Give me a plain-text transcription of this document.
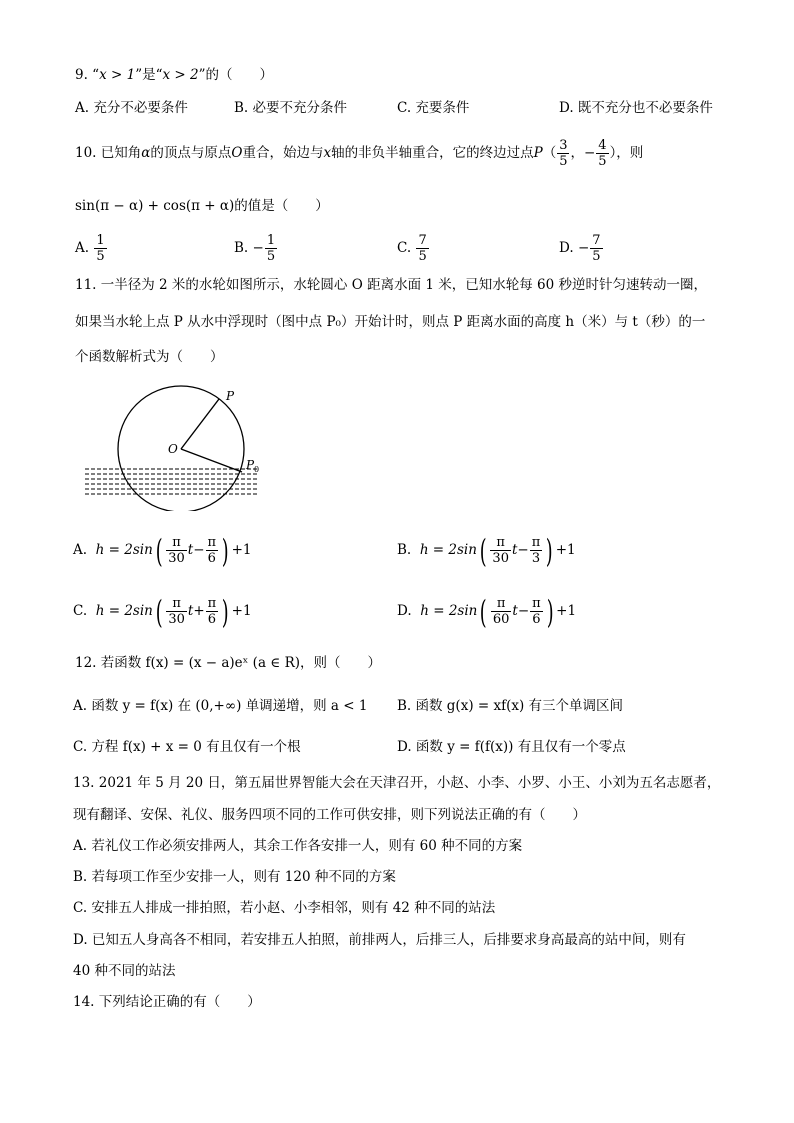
9. “x > 1”是“x > 2”的（　　）
A. 充分不必要条件	B. 必要不充分条件	C. 充要条件	D. 既不充分也不必要条件
10. 已知角α的顶点与原点O重合，始边与x轴的非负半轴重合，它的终边过点$P( \frac{3}{5}$ ，− $\frac{4}{5}$ ），则
sin(π − α) + cos(π + α)的值是（　　）
A. $\frac{1}{5}$	B. − $\frac{1}{5}$	C. $\frac{7}{5}$	D. − $\frac{7}{5}$
11. 一半径为 2 米的水轮如图所示，水轮圆心 O 距离水面 1 米，已知水轮每 60 秒逆时针匀速转动一圈，
如果当水轮上点 P 从水中浮现时（图中点 P₀）开始计时，则点 P 距离水面的高度 h（米）与 t（秒）的一
个函数解析式为（　　）
P
O
P 0
A. $h = 2\sin( \frac{\pi}{30} t- \frac{\pi}{6}$ ) +1	B. $h = 2\sin( \frac{\pi}{30} t- \frac{\pi}{3}$ ) +1
C. $h = 2\sin( \frac{\pi}{30} t+ \frac{\pi}{6}$ ) +1	D. $h = 2\sin( \frac{\pi}{60} t- \frac{\pi}{6}$ ) +1
12. 若函数 f(x) = (x − a)eˣ (a ∈ R)，则（　　）
A. 函数 y = f(x) 在 (0,+∞) 单调递增，则 a < 1 B. 函数 g(x) = xf(x) 有三个单调区间
C. 方程 f(x) + x = 0 有且仅有一个根	D. 函数 y = f(f(x)) 有且仅有一个零点
13. 2021 年 5 月 20 日，第五届世界智能大会在天津召开，小赵、小李、小罗、小王、小刘为五名志愿者，
现有翻译、安保、礼仪、服务四项不同的工作可供安排，则下列说法正确的有（　　）
A. 若礼仪工作必须安排两人，其余工作各安排一人，则有 60 种不同的方案
B. 若每项工作至少安排一人，则有 120 种不同的方案
C. 安排五人排成一排拍照，若小赵、小李相邻，则有 42 种不同的站法
D. 已知五人身高各不相同，若安排五人拍照，前排两人，后排三人，后排要求身高最高的站中间，则有
40 种不同的站法
14. 下列结论正确的有（　　）
